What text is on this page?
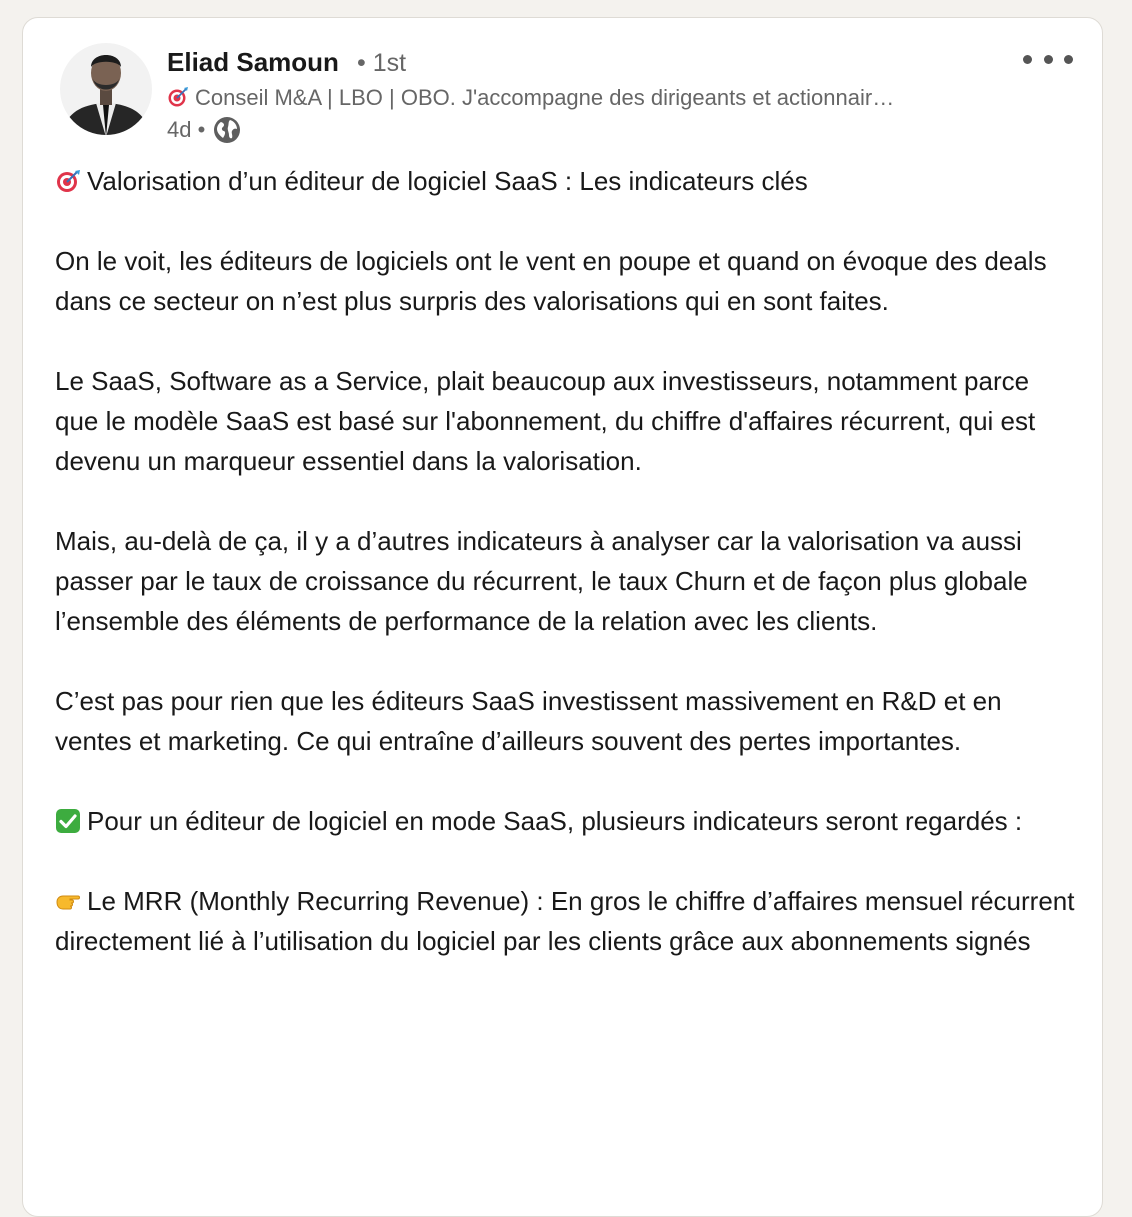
Eliad Samoun • 1st
Conseil M&A | LBO | OBO. J'accompagne des dirigeants et actionnair…
4d •

Valorisation d’un éditeur de logiciel SaaS : Les indicateurs clés

On le voit, les éditeurs de logiciels ont le vent en poupe et quand on évoque des deals dans ce secteur on n’est plus surpris des valorisations qui en sont faites.

Le SaaS, Software as a Service, plait beaucoup aux investisseurs, notamment parce que le modèle SaaS est basé sur l'abonnement, du chiffre d'affaires récurrent, qui est devenu un marqueur essentiel dans la valorisation.

Mais, au-delà de ça, il y a d’autres indicateurs à analyser car la valorisation va aussi passer par le taux de croissance du récurrent, le taux Churn et de façon plus globale l’ensemble des éléments de performance de la relation avec les clients.

C’est pas pour rien que les éditeurs SaaS investissent massivement en R&D et en ventes et marketing. Ce qui entraîne d’ailleurs souvent des pertes importantes.

Pour un éditeur de logiciel en mode SaaS, plusieurs indicateurs seront regardés :

Le MRR (Monthly Recurring Revenue) : En gros le chiffre d’affaires mensuel récurrent directement lié à l’utilisation du logiciel par les clients grâce aux abonnements signés
